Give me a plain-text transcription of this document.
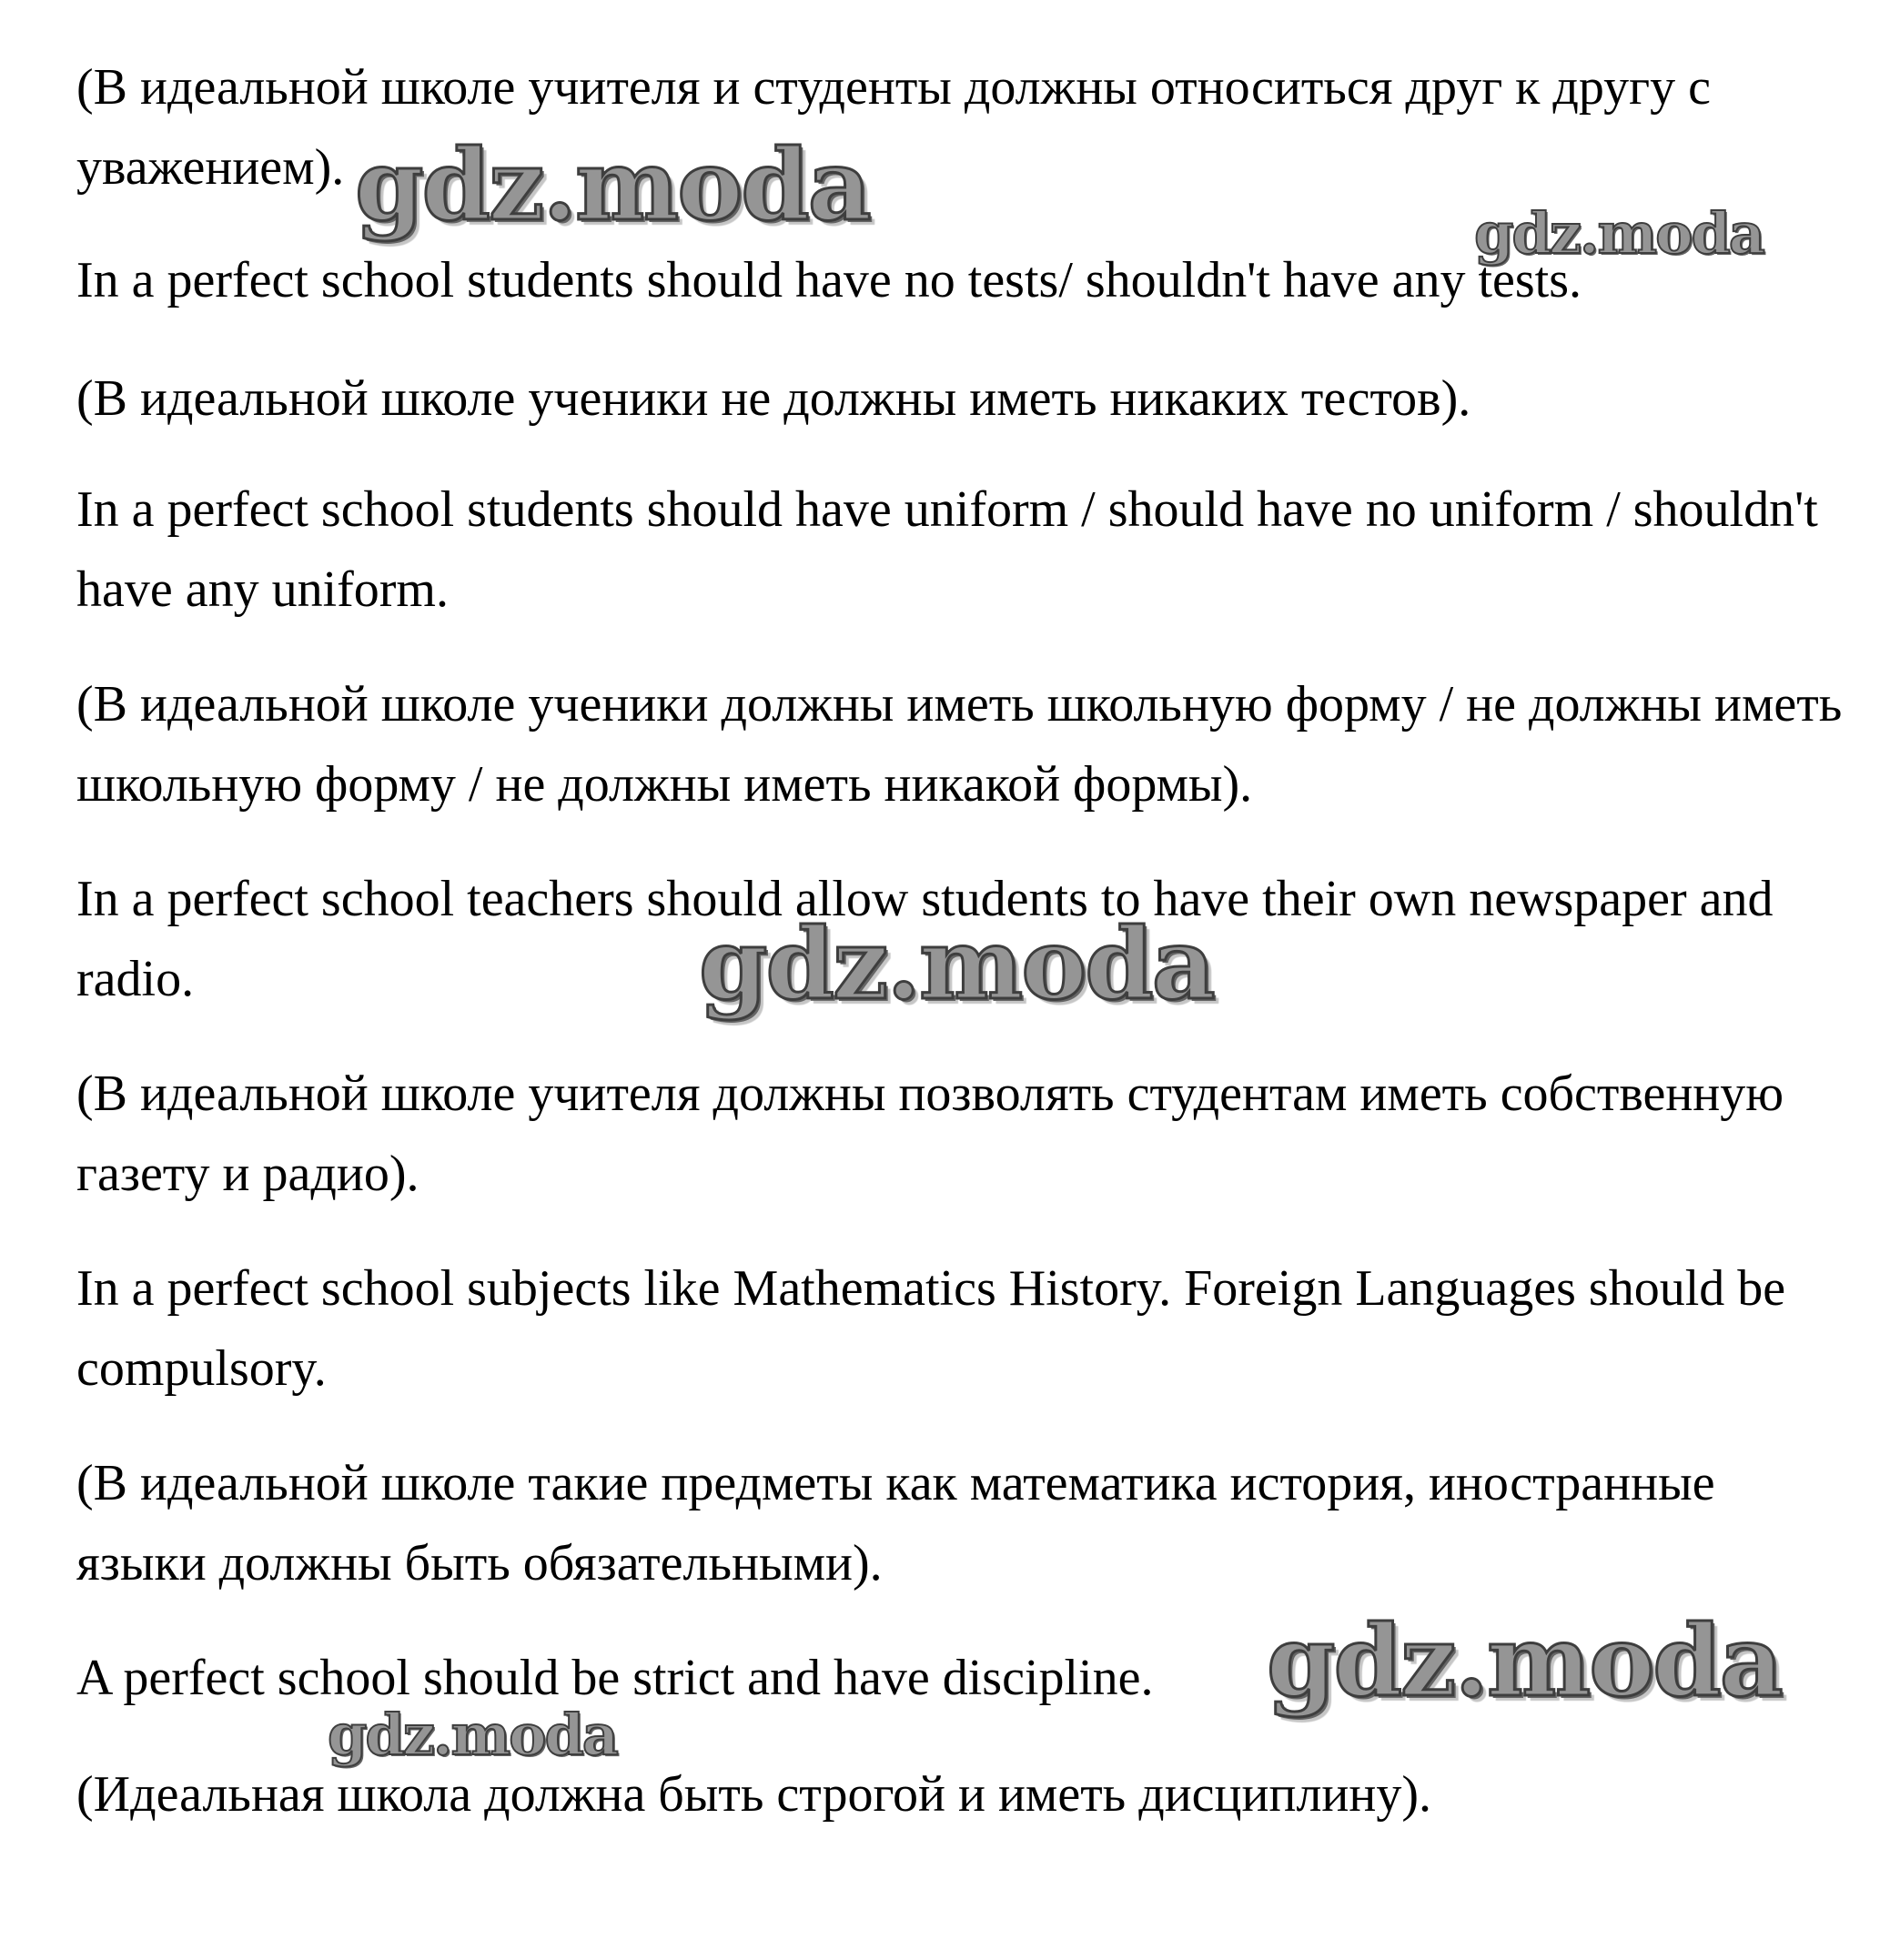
(В идеальной школе учителя и студенты должны относиться друг к другу с уважением).

In a perfect school students should have no tests/ shouldn't have any tests.

(В идеальной школе ученики не должны иметь никаких тестов).

In a perfect school students should have uniform / should have no uniform / shouldn't have any uniform.

(В идеальной школе ученики должны иметь школьную форму / не должны иметь школьную форму / не должны иметь никакой формы).

In a perfect school teachers should allow students to have their own newspaper and radio.

(В идеальной школе учителя должны позволять студентам иметь собственную газету и радио).

In a perfect school subjects like Mathematics History. Foreign Languages should be compulsory.

(В идеальной школе такие предметы как математика история, иностранные языки должны быть обязательными).

A perfect school should be strict and have discipline.

(Идеальная школа должна быть строгой и иметь дисциплину).

gdz.moda	gdz.moda
gdz.moda
gdz.moda
gdz.moda
